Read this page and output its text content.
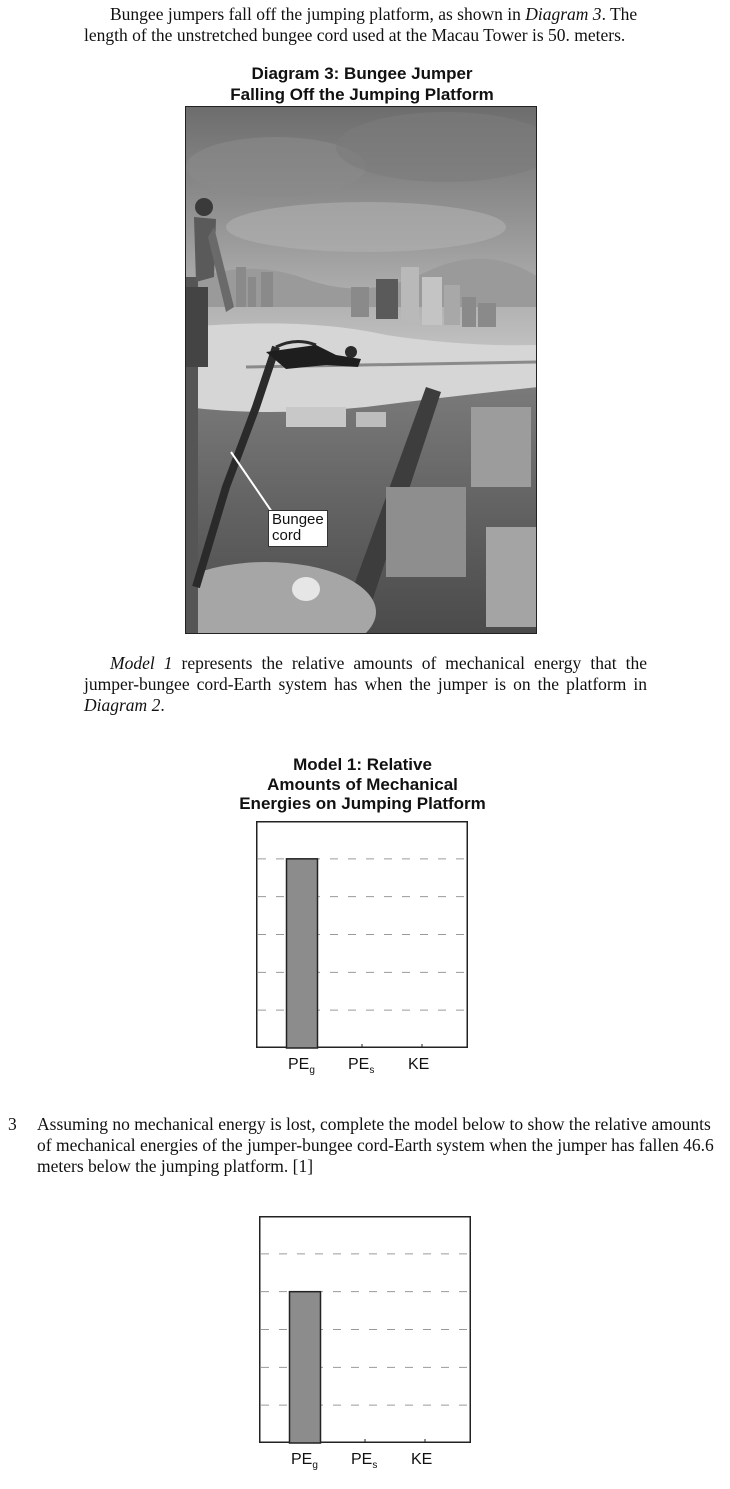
Bungee jumpers fall off the jumping platform, as shown in Diagram 3. The length of the unstretched bungee cord used at the Macau Tower is 50. meters.
Diagram 3: Bungee Jumper
Falling Off the Jumping Platform
Bungee
cord
Model 1 represents the relative amounts of mechanical energy that the jumper-bungee cord-Earth system has when the jumper is on the platform in Diagram 2.
Model 1: Relative
Amounts of Mechanical
Energies on Jumping Platform
$PE_g$ $PE_s$ KE
3 Assuming no mechanical energy is lost, complete the model below to show the relative amounts of mechanical energies of the jumper-bungee cord-Earth system when the jumper has fallen 46.6 meters below the jumping platform. [1]
$PE_g$ $PE_s$ KE
